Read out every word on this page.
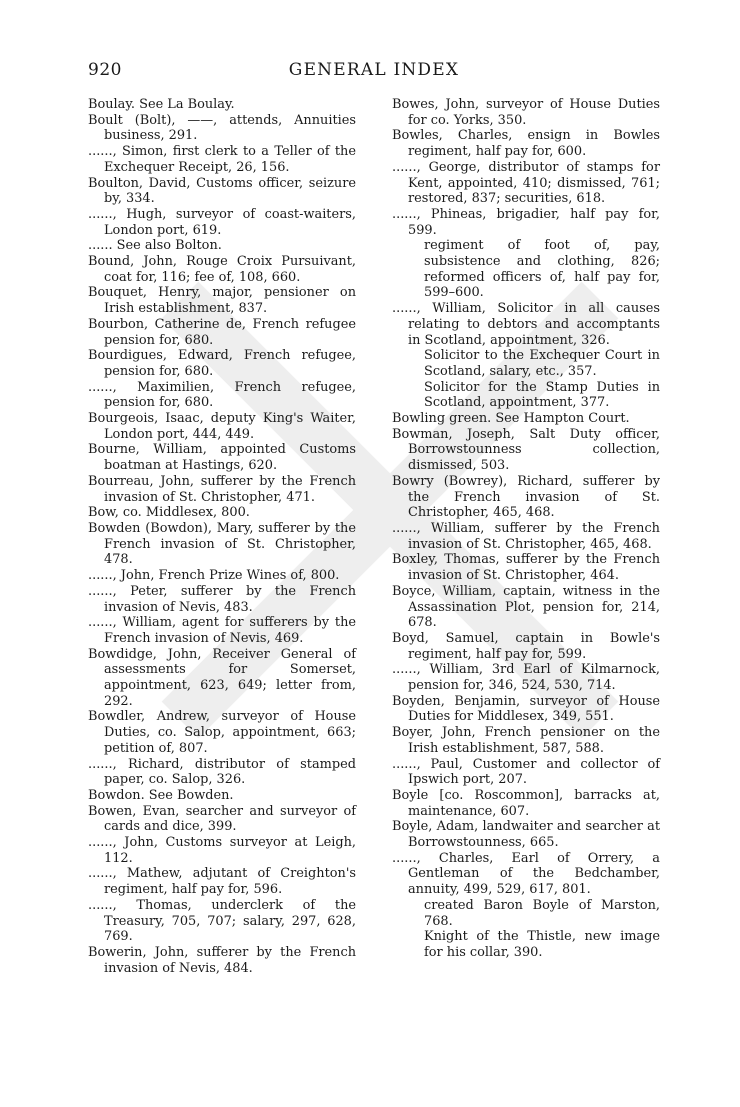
920	GENERAL INDEX

Boulay. See La Boulay.

Boult (Bolt), ——, attends, Annuities business, 291.

......, Simon, first clerk to a Teller of the Exchequer Receipt, 26, 156.

Boulton, David, Customs officer, seizure by, 334.

......, Hugh, surveyor of coast-waiters, London port, 619.

...... See also Bolton.

Bound, John, Rouge Croix Pursuivant, coat for, 116; fee of, 108, 660.

Bouquet, Henry, major, pensioner on Irish establishment, 837.

Bourbon, Catherine de, French refugee pension for, 680.

Bourdigues, Edward, French refugee, pension for, 680.

......, Maximilien, French refugee, pension for, 680.

Bourgeois, Isaac, deputy King's Waiter, London port, 444, 449.

Bourne, William, appointed Customs boatman at Hastings, 620.

Bourreau, John, sufferer by the French invasion of St. Christopher, 471.

Bow, co. Middlesex, 800.

Bowden (Bowdon), Mary, sufferer by the French invasion of St. Christopher, 478.

......, John, French Prize Wines of, 800.

......, Peter, sufferer by the French invasion of Nevis, 483.

......, William, agent for sufferers by the French invasion of Nevis, 469.

Bowdidge, John, Receiver General of assessments for Somerset, appointment, 623, 649; letter from, 292.

Bowdler, Andrew, surveyor of House Duties, co. Salop, appointment, 663; petition of, 807.

......, Richard, distributor of stamped paper, co. Salop, 326.

Bowdon. See Bowden.

Bowen, Evan, searcher and surveyor of cards and dice, 399.

......, John, Customs surveyor at Leigh, 112.

......, Mathew, adjutant of Creighton's regiment, half pay for, 596.

......, Thomas, underclerk of the Treasury, 705, 707; salary, 297, 628, 769.

Bowerin, John, sufferer by the French invasion of Nevis, 484.

Bowes, John, surveyor of House Duties for co. Yorks, 350.

Bowles, Charles, ensign in Bowles regiment, half pay for, 600.

......, George, distributor of stamps for Kent, appointed, 410; dismissed, 761; restored, 837; securities, 618.

......, Phineas, brigadier, half pay for, 599.

regiment of foot of, pay, subsistence and clothing, 826; reformed officers of, half pay for, 599–600.

......, William, Solicitor in all causes relating to debtors and accomptants in Scotland, appointment, 326.

Solicitor to the Exchequer Court in Scotland, salary, etc., 357.

Solicitor for the Stamp Duties in Scotland, appointment, 377.

Bowling green. See Hampton Court.

Bowman, Joseph, Salt Duty officer, Borrowstounness collection, dismissed, 503.

Bowry (Bowrey), Richard, sufferer by the French invasion of St. Christopher, 465, 468.

......, William, sufferer by the French invasion of St. Christopher, 465, 468.

Boxley, Thomas, sufferer by the French invasion of St. Christopher, 464.

Boyce, William, captain, witness in the Assassination Plot, pension for, 214, 678.

Boyd, Samuel, captain in Bowle's regiment, half pay for, 599.

......, William, 3rd Earl of Kilmarnock, pension for, 346, 524, 530, 714.

Boyden, Benjamin, surveyor of House Duties for Middlesex, 349, 551.

Boyer, John, French pensioner on the Irish establishment, 587, 588.

......, Paul, Customer and collector of Ipswich port, 207.

Boyle [co. Roscommon], barracks at, maintenance, 607.

Boyle, Adam, landwaiter and searcher at Borrowstounness, 665.

......, Charles, Earl of Orrery, a Gentleman of the Bedchamber, annuity, 499, 529, 617, 801.

created Baron Boyle of Marston, 768.

Knight of the Thistle, new image for his collar, 390.
